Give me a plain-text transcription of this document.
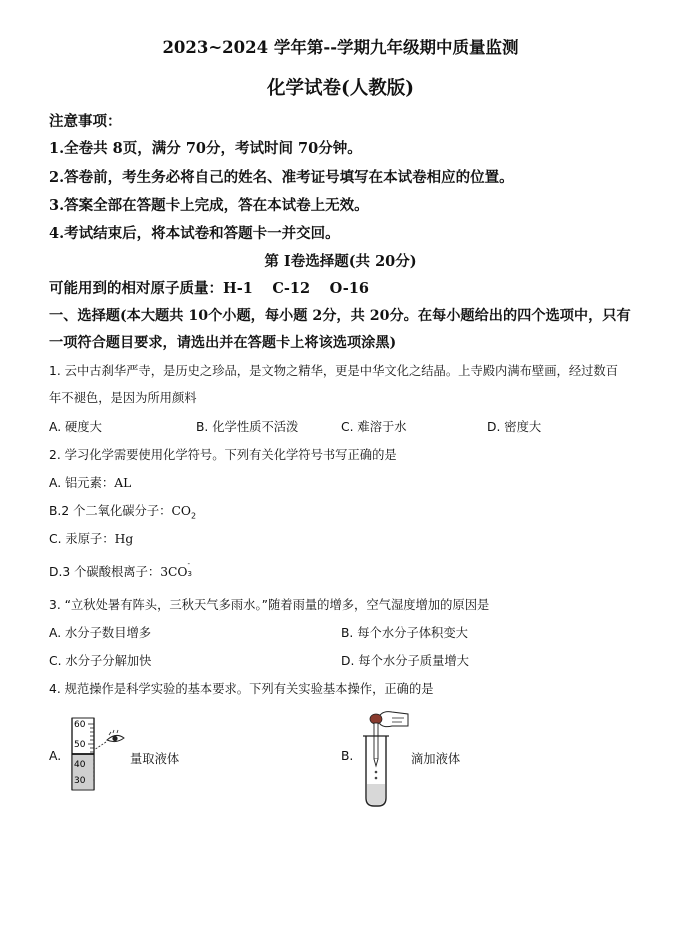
2023~2024 学年第--学期九年级期中质量监测
化学试卷(人教版)
注意事项：
1.全卷共 8页，满分 70分，考试时间 70分钟。
2.答卷前，考生务必将自己的姓名、准考证号填写在本试卷相应的位置。
3.答案全部在答题卡上完成，答在本试卷上无效。
4.考试结束后，将本试卷和答题卡一并交回。
第 I卷选择题(共 20分)
可能用到的相对原子质量：H-1　 C-12　 O-16
一、选择题(本大题共 10个小题，每小题 2分，共 20分。在每小题给出的四个选项中，只有
一项符合题目要求，请选出并在答题卡上将该选项涂黑)
1. 云中古刹华严寺，是历史之珍品，是文物之精华，更是中华文化之结晶。上寺殿内满布壁画，经过数百
年不褪色，是因为所用颜料
A. 硬度大	B. 化学性质不活泼	C. 难溶于水	D. 密度大
2. 学习化学需要使用化学符号。下列有关化学符号书写正确的是
A. 铝元素：AL
B.2 个二氧化碳分子：$CO_2$
C. 汞原子：Hg
D.3 个碳酸根离子：3CO
-
3
3. “立秋处暑有阵头，三秋天气多雨水。”随着雨量的增多，空气湿度增加的原因是
A. 水分子数目增多	B. 每个水分子体积变大
C. 水分子分解加快	D. 每个水分子质量增大
4. 规范操作是科学实验的基本要求。下列有关实验基本操作，正确的是
A.
60
50
40
30
量取液体	B.	滴加液体
